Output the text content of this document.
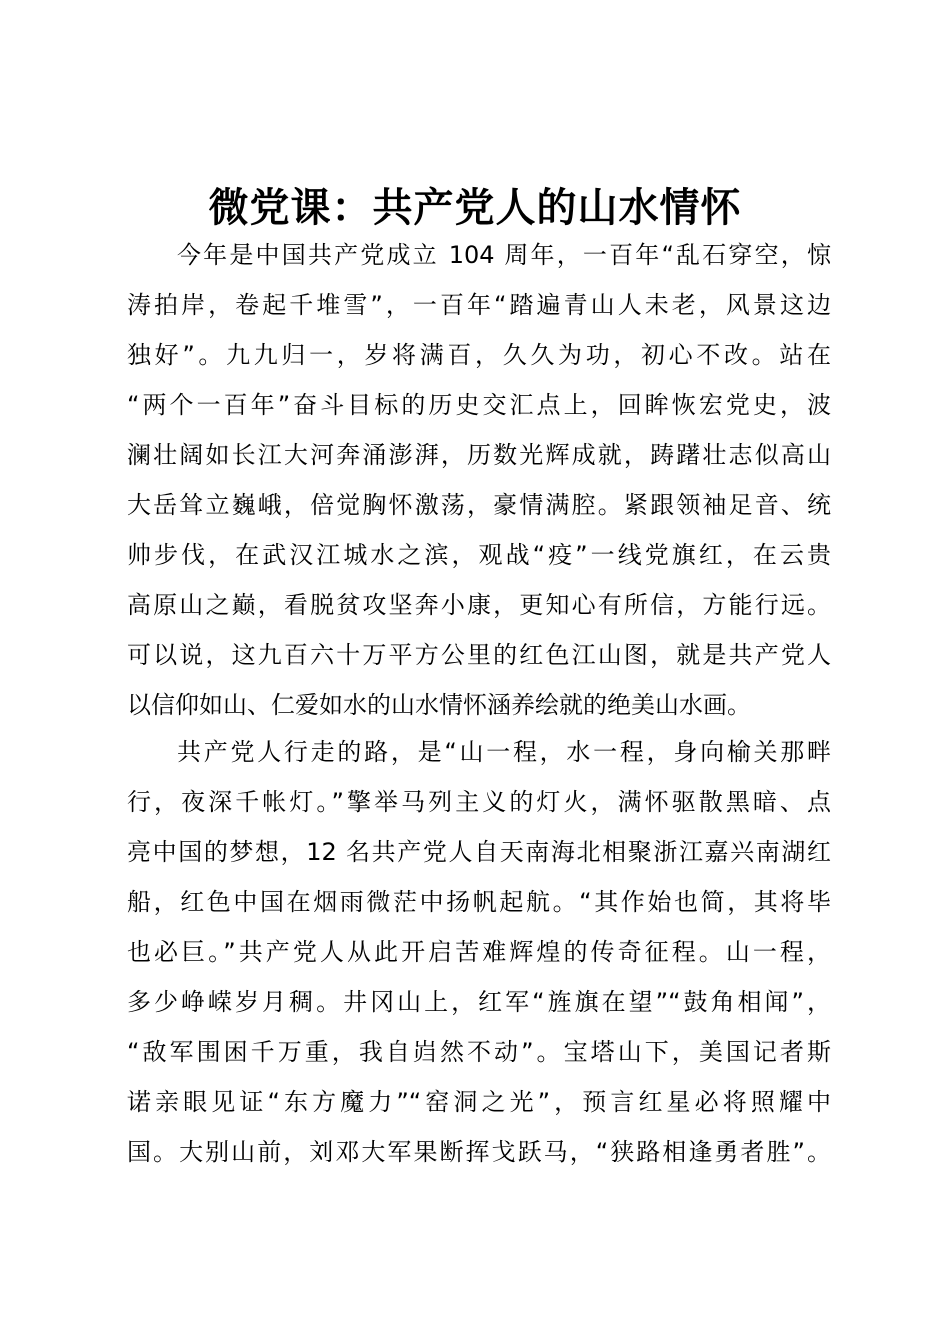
微党课：共产党人的山水情怀
今年是中国共产党成立 104 周年，一百年“乱石穿空，惊
涛拍岸，卷起千堆雪”，一百年“踏遍青山人未老，风景这边
独好”。九九归一，岁将满百，久久为功，初心不改。站在
“两个一百年”奋斗目标的历史交汇点上，回眸恢宏党史，波
澜壮阔如长江大河奔涌澎湃，历数光辉成就，踌躇壮志似高山
大岳耸立巍峨，倍觉胸怀激荡，豪情满腔。紧跟领袖足音、统
帅步伐，在武汉江城水之滨，观战“疫”一线党旗红，在云贵
高原山之巅，看脱贫攻坚奔小康，更知心有所信，方能行远。
可以说，这九百六十万平方公里的红色江山图，就是共产党人
以信仰如山、仁爱如水的山水情怀涵养绘就的绝美山水画。
共产党人行走的路，是“山一程，水一程，身向榆关那畔
行，夜深千帐灯。”擎举马列主义的灯火，满怀驱散黑暗、点
亮中国的梦想，12 名共产党人自天南海北相聚浙江嘉兴南湖红
船，红色中国在烟雨微茫中扬帆起航。“其作始也简，其将毕
也必巨。”共产党人从此开启苦难辉煌的传奇征程。山一程，
多少峥嵘岁月稠。井冈山上，红军“旌旗在望”“鼓角相闻”，
“敌军围困千万重，我自岿然不动”。宝塔山下，美国记者斯
诺亲眼见证“东方魔力”“窑洞之光”，预言红星必将照耀中
国。大别山前，刘邓大军果断挥戈跃马，“狭路相逢勇者胜”。
